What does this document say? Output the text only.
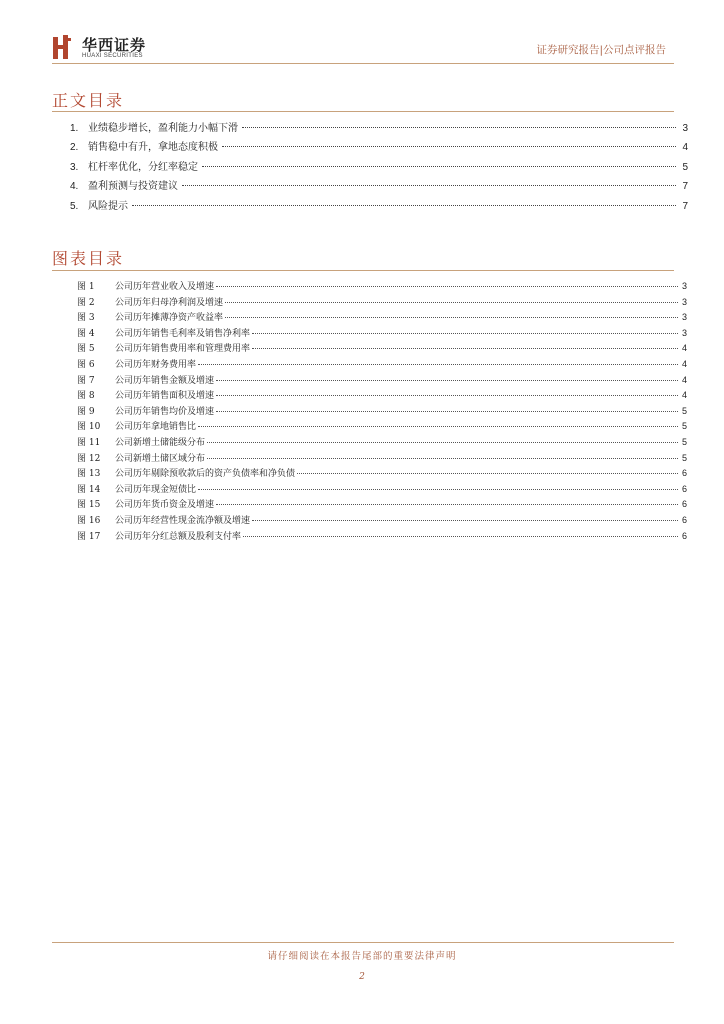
华西证券
HUAXI SECURITIES	证券研究报告|公司点评报告
正文目录
1. 业绩稳步增长，盈利能力小幅下滑	3
2. 销售稳中有升，拿地态度积极	4
3. 杠杆率优化，分红率稳定	5
4. 盈利预测与投资建议	7
5. 风险提示	7
图表目录
图 1	公司历年营业收入及增速	3
图 2	公司历年归母净利润及增速	3
图 3	公司历年摊薄净资产收益率	3
图 4	公司历年销售毛利率及销售净利率	3
图 5	公司历年销售费用率和管理费用率	4
图 6	公司历年财务费用率	4
图 7	公司历年销售金额及增速	4
图 8	公司历年销售面积及增速	4
图 9	公司历年销售均价及增速	5
图 10	公司历年拿地销售比	5
图 11	公司新增土储能级分布	5
图 12	公司新增土储区域分布	5
图 13	公司历年剔除预收款后的资产负债率和净负债	6
图 14	公司历年现金短债比	6
图 15	公司历年货币资金及增速	6
图 16	公司历年经营性现金流净额及增速	6
图 17	公司历年分红总额及股利支付率	6
请仔细阅读在本报告尾部的重要法律声明
2
